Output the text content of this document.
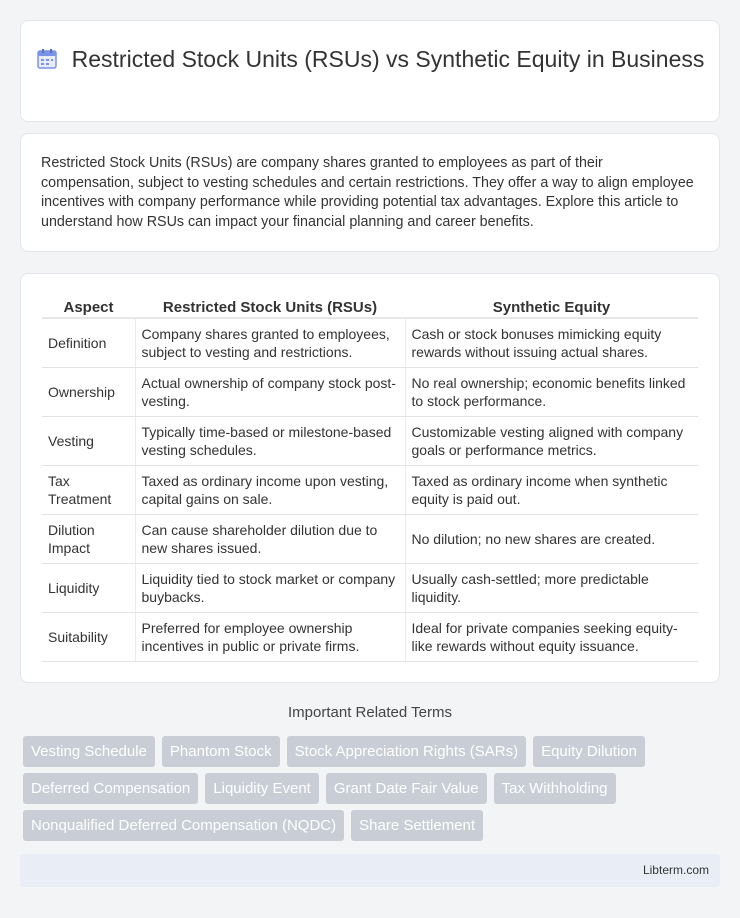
Restricted Stock Units (RSUs) vs Synthetic Equity in Business

Restricted Stock Units (RSUs) are company shares granted to employees as part of their compensation, subject to vesting schedules and certain restrictions. They offer a way to align employee incentives with company performance while providing potential tax advantages. Explore this article to understand how RSUs can impact your financial planning and career benefits.

Aspect	Restricted Stock Units (RSUs)	Synthetic Equity
Definition	Company shares granted to employees, subject to vesting and restrictions.	Cash or stock bonuses mimicking equity rewards without issuing actual shares.
Ownership	Actual ownership of company stock post-vesting.	No real ownership; economic benefits linked to stock performance.
Vesting	Typically time-based or milestone-based vesting schedules.	Customizable vesting aligned with company goals or performance metrics.
Tax Treatment	Taxed as ordinary income upon vesting, capital gains on sale.	Taxed as ordinary income when synthetic equity is paid out.
Dilution Impact	Can cause shareholder dilution due to new shares issued.	No dilution; no new shares are created.
Liquidity	Liquidity tied to stock market or company buybacks.	Usually cash-settled; more predictable liquidity.
Suitability	Preferred for employee ownership incentives in public or private firms.	Ideal for private companies seeking equity-like rewards without equity issuance.
Important Related Terms
Vesting Schedule	Phantom Stock	Stock Appreciation Rights (SARs)	Equity Dilution
Deferred Compensation	Liquidity Event	Grant Date Fair Value	Tax Withholding
Nonqualified Deferred Compensation (NQDC)	Share Settlement
Libterm.com
